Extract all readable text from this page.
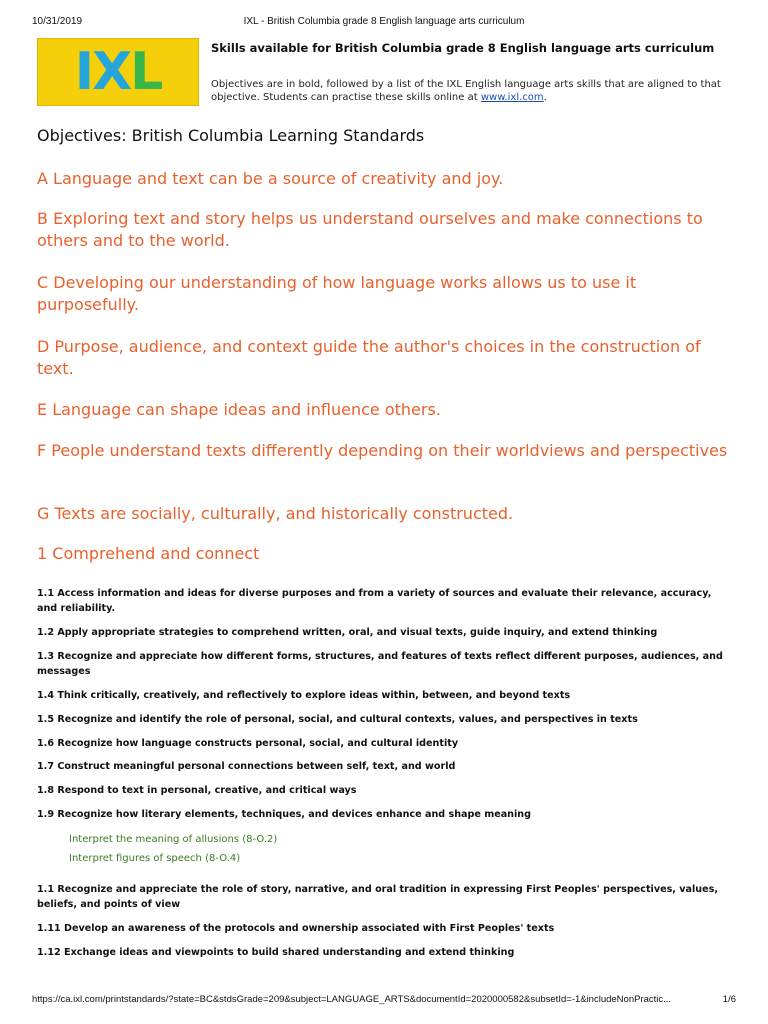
10/31/2019	IXL - British Columbia grade 8 English language arts curriculum
IXL	Skills available for British Columbia grade 8 English language arts curriculum
Objectives are in bold, followed by a list of the IXL English language arts skills that are aligned to that objective. Students can practise these skills online at www.ixl.com.
Objectives: British Columbia Learning Standards

A Language and text can be a source of creativity and joy.

B Exploring text and story helps us understand ourselves and make connections to others and to the world.

C Developing our understanding of how language works allows us to use it purposefully.

D Purpose, audience, and context guide the author's choices in the construction of text.

E Language can shape ideas and influence others.

F People understand texts differently depending on their worldviews and perspectives

G Texts are socially, culturally, and historically constructed.

1 Comprehend and connect
1.1 Access information and ideas for diverse purposes and from a variety of sources and evaluate their relevance, accuracy, and reliability.
1.2 Apply appropriate strategies to comprehend written, oral, and visual texts, guide inquiry, and extend thinking
1.3 Recognize and appreciate how different forms, structures, and features of texts reflect different purposes, audiences, and messages
1.4 Think critically, creatively, and reflectively to explore ideas within, between, and beyond texts
1.5 Recognize and identify the role of personal, social, and cultural contexts, values, and perspectives in texts
1.6 Recognize how language constructs personal, social, and cultural identity
1.7 Construct meaningful personal connections between self, text, and world
1.8 Respond to text in personal, creative, and critical ways
1.9 Recognize how literary elements, techniques, and devices enhance and shape meaning
1.1 Recognize and appreciate the role of story, narrative, and oral tradition in expressing First Peoples' perspectives, values, beliefs, and points of view
1.11 Develop an awareness of the protocols and ownership associated with First Peoples' texts
1.12 Exchange ideas and viewpoints to build shared understanding and extend thinking
Interpret the meaning of allusions (8-O.2)
Interpret figures of speech (8-O.4)
https://ca.ixl.com/printstandards/?state=BC&stdsGrade=209&subject=LANGUAGE_ARTS&documentId=2020000582&subsetId=-1&includeNonPractic...	1/6
